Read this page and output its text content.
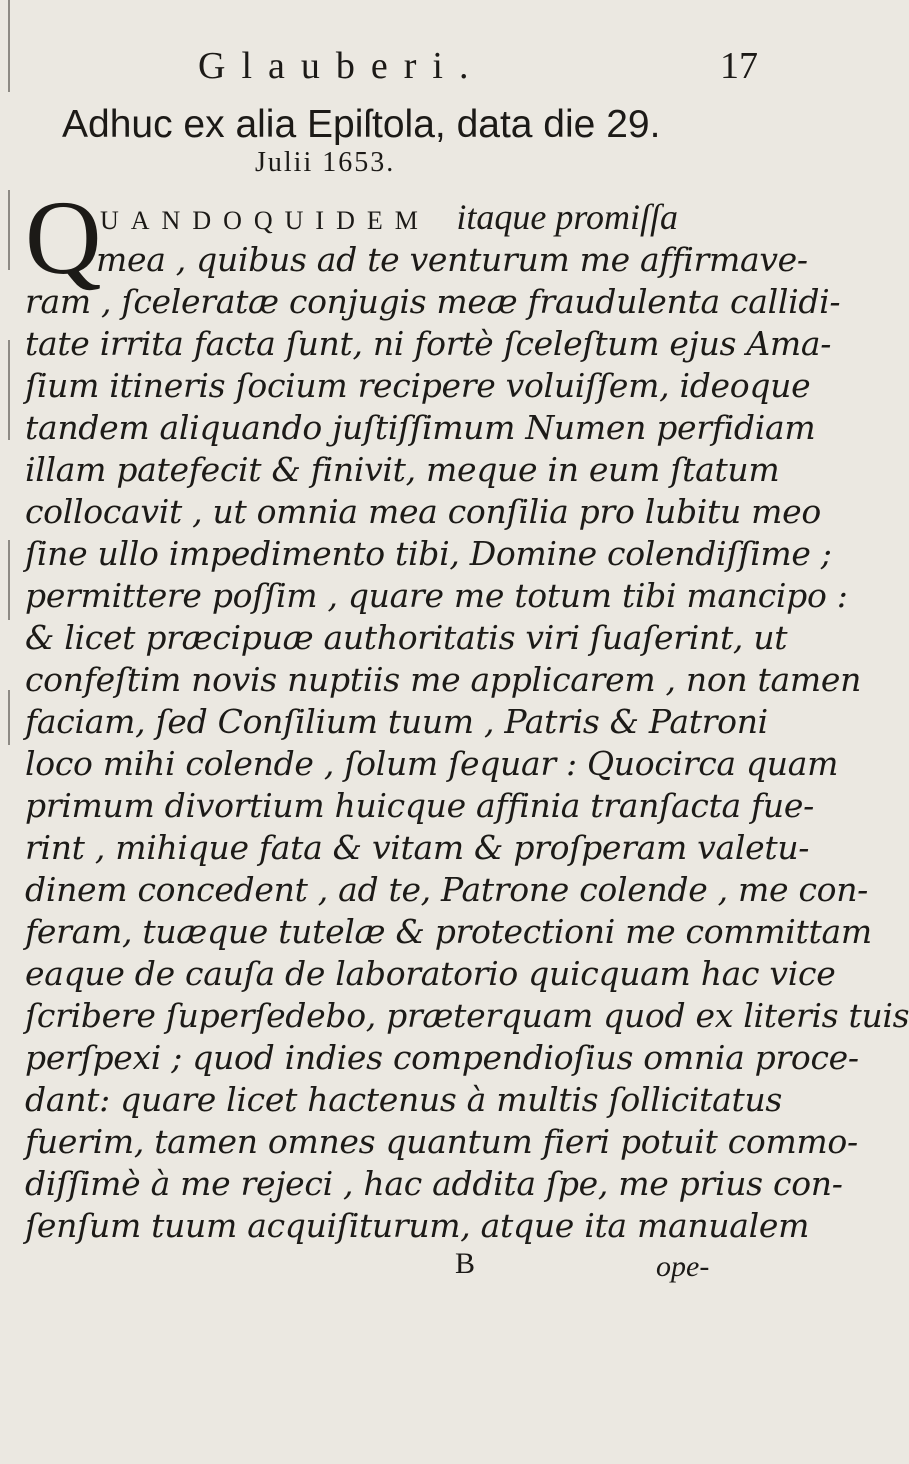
Glauberi.	17
Adhuc ex alia Epiſtola, data die 29.
Julii 1653.
Q
UANDOQUIDEM itaque promiſſa
mea , quibus ad te venturum me affirmave-
ram , ſceleratæ conjugis meæ fraudulenta callidi-
tate irrita facta ſunt, ni fortè ſceleſtum ejus Ama-
ſium itineris ſocium recipere voluiſſem, ideoque
tandem aliquando juſtiſſimum Numen perfidiam
illam patefecit & finivit, meque in eum ſtatum
collocavit , ut omnia mea conſilia pro lubitu meo
ſine ullo impedimento tibi, Domine colendiſſime ;
permittere poſſim , quare me totum tibi mancipo :
& licet præcipuæ authoritatis viri ſuaſerint, ut
confeſtim novis nuptiis me applicarem , non tamen
faciam, ſed Conſilium tuum , Patris & Patroni
loco mihi colende , ſolum ſequar : Quocirca quam
primum divortium huicque affinia tranſacta fue-
rint , mihique fata & vitam & proſperam valetu-
dinem concedent , ad te, Patrone colende , me con-
feram, tuæque tutelæ & protectioni me committam
eaque de cauſa de laboratorio quicquam hac vice
ſcribere ſuperſedebo, præterquam quod ex literis tuis
perſpexi ; quod indies compendioſius omnia proce-
dant: quare licet hactenus à multis ſollicitatus
fuerim, tamen omnes quantum fieri potuit commo-
diſſimè à me rejeci , hac addita ſpe, me prius con-
ſenſum tuum acquiſiturum, atque ita manualem
B	ope-
